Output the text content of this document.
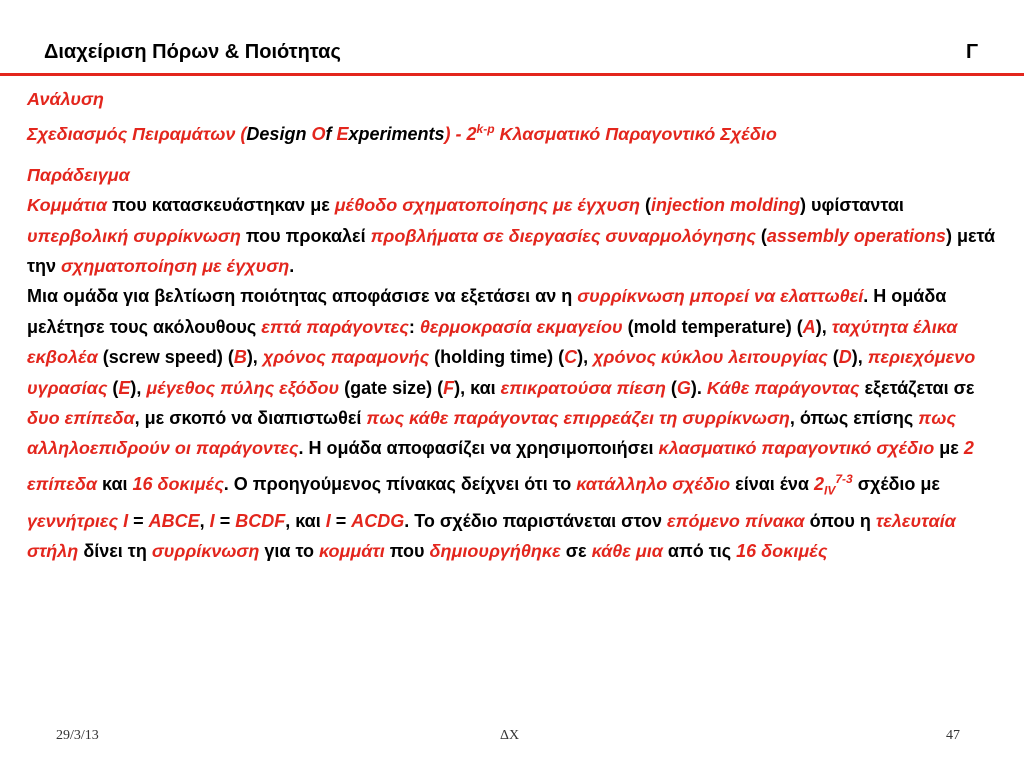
Διαχείριση Πόρων & Ποιότητας	Γ

Ανάλυση

Σχεδιασμός Πειραμάτων (Design Of Experiments) - 2$^{k-p}$ Κλασματικό Παραγοντικό Σχέδιο

Παράδειγμα

Κομμάτια που κατασκευάστηκαν με μέθοδο σχηματοποίησης με έγχυση (injection molding) υφίστανται υπερβολική συρρίκνωση που προκαλεί προβλήματα σε διεργασίες συναρμολόγησης (assembly operations) μετά την σχηματοποίηση με έγχυση.

Μια ομάδα για βελτίωση ποιότητας αποφάσισε να εξετάσει αν η συρρίκνωση μπορεί να ελαττωθεί. Η ομάδα μελέτησε τους ακόλουθους επτά παράγοντες: θερμοκρασία εκμαγείου (mold temperature) (A), ταχύτητα έλικα εκβολέα (screw speed) (B), χρόνος παραμονής (holding time) (C), χρόνος κύκλου λειτουργίας (D), περιεχόμενο υγρασίας (E), μέγεθος πύλης εξόδου (gate size) (F), και επικρατούσα πίεση (G). Κάθε παράγοντας εξετάζεται σε δυο επίπεδα, με σκοπό να διαπιστωθεί πως κάθε παράγοντας επιρρεάζει τη συρρίκνωση, όπως επίσης πως αλληλοεπιδρούν οι παράγοντες. Η ομάδα αποφασίζει να χρησιμοποιήσει κλασματικό παραγοντικό σχέδιο με 2 επίπεδα και 16 δοκιμές. Ο προηγούμενος πίνακας δείχνει ότι το κατάλληλο σχέδιο είναι ένα $2_{IV}^{7-3}$ σχέδιο με γεννήτριες I = ABCE, I = BCDF, και I = ACDG. Το σχέδιο παριστάνεται στον επόμενο πίνακα όπου η τελευταία στήλη δίνει τη συρρίκνωση για το κομμάτι που δημιουργήθηκε σε κάθε μια από τις 16 δοκιμές

29/3/13	ΔΧ	47
